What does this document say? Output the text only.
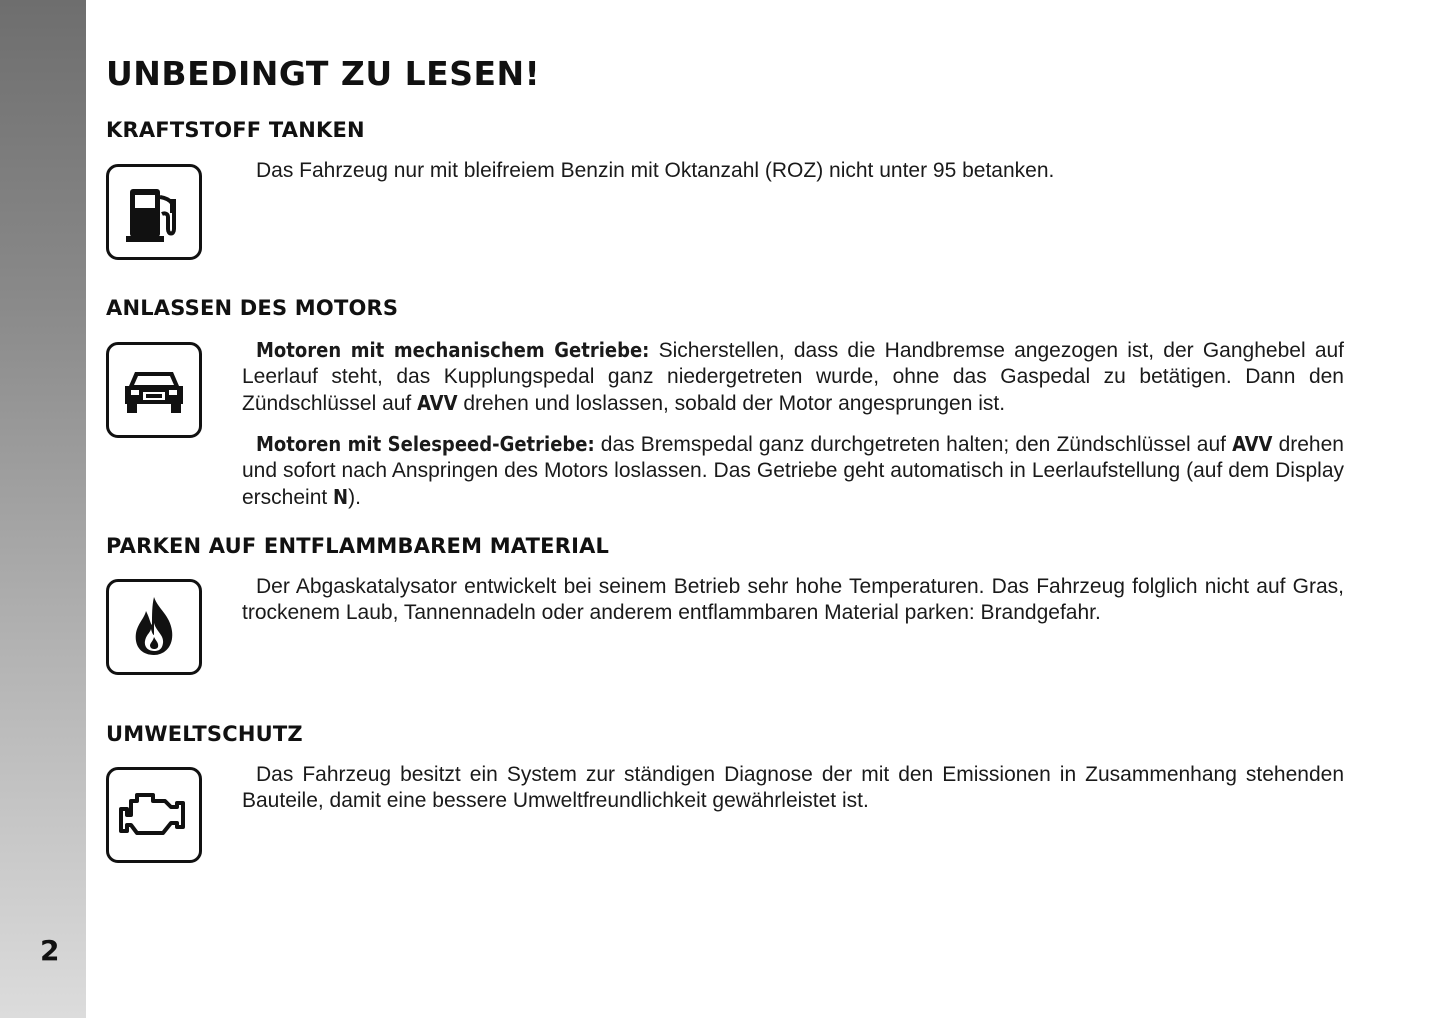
2
UNBEDINGT ZU LESEN!
KRAFTSTOFF TANKEN

Das Fahrzeug nur mit bleifreiem Benzin mit Oktanzahl (ROZ) nicht unter 95 betanken.

ANLASSEN DES MOTORS

Motoren mit mechanischem Getriebe: Sicherstellen, dass die Handbremse angezogen ist, der Ganghebel auf Leerlauf steht, das Kupplungspedal ganz niedergetreten wurde, ohne das Gaspedal zu betätigen. Dann den Zündschlüssel auf AVV drehen und loslassen, sobald der Motor angesprungen ist.

Motoren mit Selespeed-Getriebe: das Bremspedal ganz durchgetreten halten; den Zündschlüssel auf AVV drehen und sofort nach Anspringen des Motors loslassen. Das Getriebe geht automatisch in Leerlaufstellung (auf dem Display erscheint N).

PARKEN AUF ENTFLAMMBAREM MATERIAL

Der Abgaskatalysator entwickelt bei seinem Betrieb sehr hohe Temperaturen. Das Fahrzeug folglich nicht auf Gras, trockenem Laub, Tannennadeln oder anderem entflammbaren Material parken: Brandgefahr.

UMWELTSCHUTZ

Das Fahrzeug besitzt ein System zur ständigen Diagnose der mit den Emissionen in Zusammenhang stehenden Bauteile, damit eine bessere Umweltfreundlichkeit gewährleistet ist.
